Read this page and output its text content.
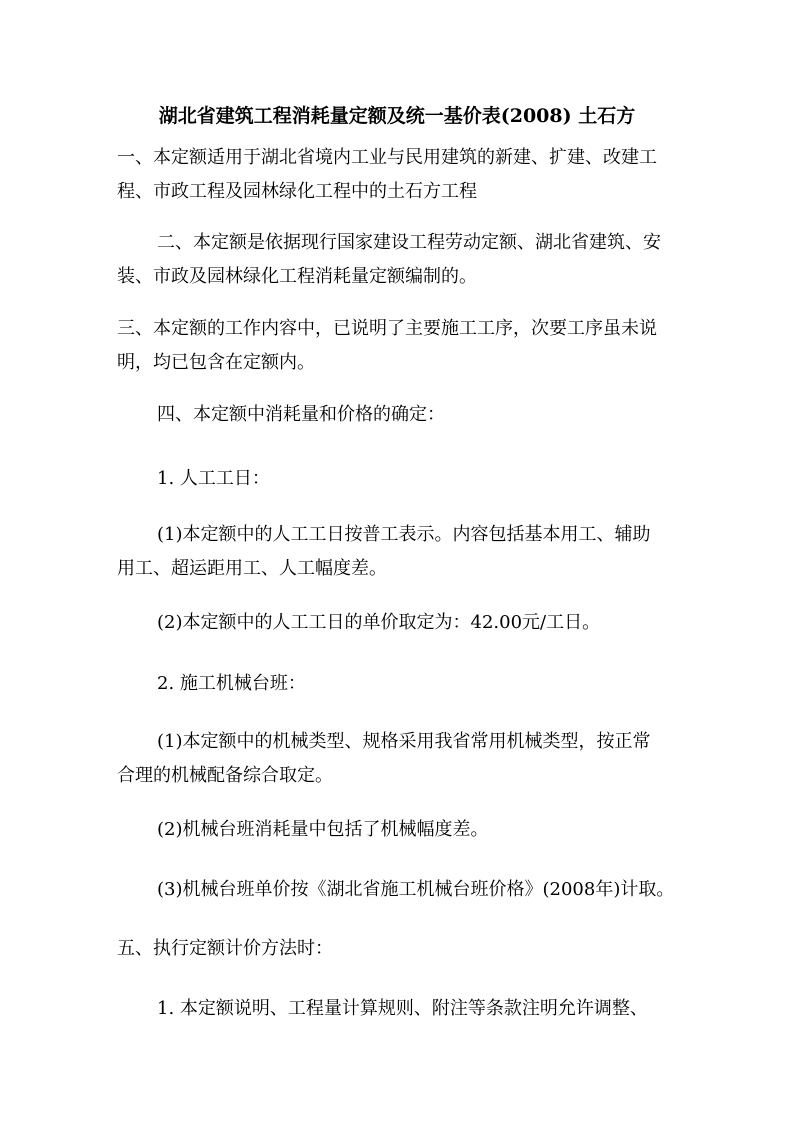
湖北省建筑工程消耗量定额及统一基价表(2008) 土石方
一、本定额适用于湖北省境内工业与民用建筑的新建、扩建、改建工
程、市政工程及园林绿化工程中的土石方工程
二、本定额是依据现行国家建设工程劳动定额、湖北省建筑、安
装、市政及园林绿化工程消耗量定额编制的。
三、本定额的工作内容中，已说明了主要施工工序，次要工序虽未说
明，均已包含在定额内。
四、本定额中消耗量和价格的确定：
1. 人工工日：
(1)本定额中的人工工日按普工表示。内容包括基本用工、辅助
用工、超运距用工、人工幅度差。
(2)本定额中的人工工日的单价取定为：42.00元/工日。
2. 施工机械台班：
(1)本定额中的机械类型、规格采用我省常用机械类型，按正常
合理的机械配备综合取定。
(2)机械台班消耗量中包括了机械幅度差。
(3)机械台班单价按《湖北省施工机械台班价格》(2008年)计取。
五、执行定额计价方法时：
1. 本定额说明、工程量计算规则、附注等条款注明允许调整、
